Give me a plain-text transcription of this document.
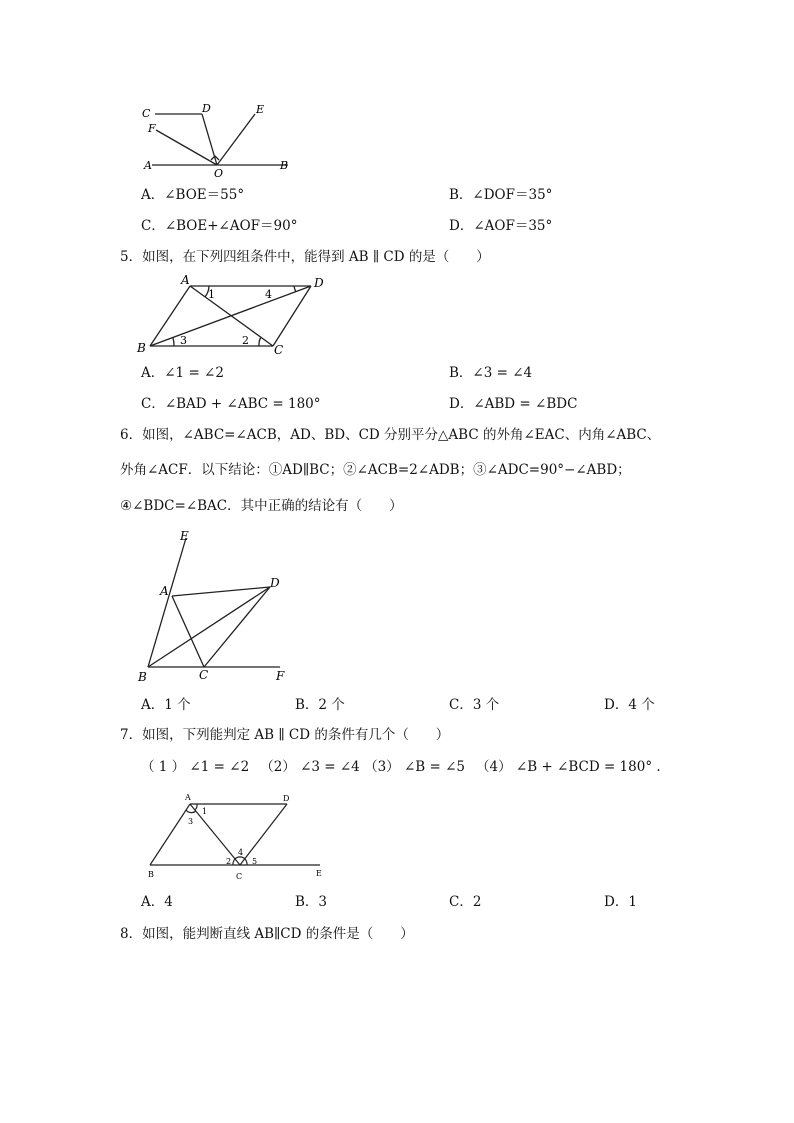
C	D	E
F
A
O
B
A．∠BOE＝55°	B．∠DOF＝35°
C．∠BOE+∠AOF＝90°	D．∠AOF＝35°
5．如图，在下列四组条件中，能得到 AB ∥ CD 的是（　　）
A	D
B	C
1	4
3	2
A．∠1 = ∠2	B．∠3 = ∠4
C．∠BAD + ∠ABC = 180°	D．∠ABD = ∠BDC
6．如图，∠ABC=∠ACB，AD、BD、CD 分别平分△ABC 的外角∠EAC、内角∠ABC、
外角∠ACF．以下结论：①AD∥BC；②∠ACB=2∠ADB；③∠ADC=90°−∠ABD；
④∠BDC=∠BAC．其中正确的结论有（　　）
E
A
D
B	C	F
A．1 个	B．2 个	C．3 个	D．4 个
7．如图，下列能判定 AB ∥ CD 的条件有几个（　　）
（ 1 ） ∠1 = ∠2 　（2） ∠3 = ∠4 （3） ∠B = ∠5 　（4） ∠B + ∠BCD = 180° .
A	D
B	C	E
1
3
2
4
5
A．4	B．3	C．2	D．1
8．如图，能判断直线 AB∥CD 的条件是（　　）
